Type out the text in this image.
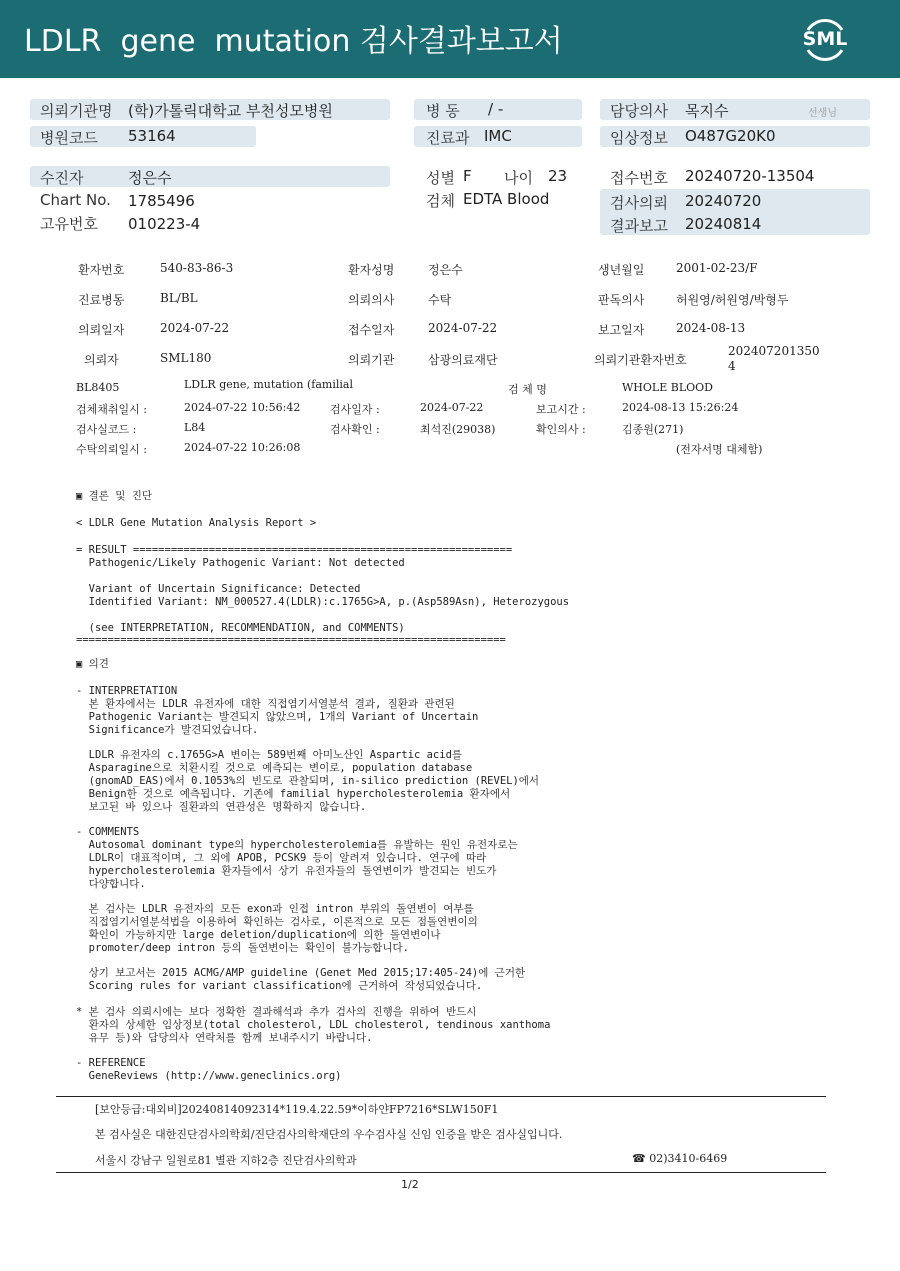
LDLR  gene  mutation 검사결과보고서	SML
의뢰기관명 (학)가톨릭대학교 부천성모병원
병원코드 53164
병 동 / -
진료과 IMC
담당의사 목지수	선생님
임상정보 O487G20K0
수진자	정은수
Chart No. 1785496
고유번호 010223-4
성별 F 나이 23
검체 EDTA Blood
접수번호 20240720-13504
검사의뢰 20240720
결과보고 20240814
환자번호	540-83-86-3	환자성명	정은수	생년월일	2001-02-23/F
진료병동	BL/BL	의뢰의사	수탁	판독의사	허원영/허원영/박형두
의뢰일자	2024-07-22	접수일자	2024-07-22	보고일자	2024-08-13
의뢰자	SML180	의뢰기관	삼광의료재단	의뢰기관환자번호
202407201350
4
BL8405	LDLR gene, mutation (familial	검 체 명	WHOLE BLOOD
검체채취일시 :	2024-07-22 10:56:42	검사일자 :	2024-07-22	보고시간 :	2024-08-13 15:26:24
검사실코드 :	L84	검사확인 :	최석진(29038)	확인의사 :	김종원(271)
수탁의뢰일시 :	2024-07-22 10:26:08	(전자서명 대체함)
▣ 결론 및 진단
< LDLR Gene Mutation Analysis Report >
= RESULT ============================================================
Pathogenic/Likely Pathogenic Variant: Not detected
Variant of Uncertain Significance: Detected
Identified Variant: NM_000527.4(LDLR):c.1765G>A, p.(Asp589Asn), Heterozygous
(see INTERPRETATION, RECOMMENDATION, and COMMENTS)
====================================================================
▣ 의견
- INTERPRETATION
본 환자에서는 LDLR 유전자에 대한 직접염기서열분석 결과, 질환과 관련된
Pathogenic Variant는 발견되지 않았으며, 1개의 Variant of Uncertain
Significance가 발견되었습니다.
LDLR 유전자의 c.1765G>A 변이는 589번째 아미노산인 Aspartic acid를
Asparagine으로 치환시킬 것으로 예측되는 변이로, population database
(gnomAD_EAS)에서 0.1053%의 빈도로 관찰되며, in-silico prediction (REVEL)에서
Benign한 것으로 예측됩니다. 기존에 familial hypercholesterolemia 환자에서
보고된 바 있으나 질환과의 연관성은 명확하지 않습니다.
- COMMENTS
Autosomal dominant type의 hypercholesterolemia를 유발하는 원인 유전자로는
LDLR이 대표적이며, 그 외에 APOB, PCSK9 등이 알려져 있습니다. 연구에 따라
hypercholesterolemia 환자들에서 상기 유전자들의 돌연변이가 발견되는 빈도가
다양합니다.
본 검사는 LDLR 유전자의 모든 exon과 인접 intron 부위의 돌연변이 여부를
직접염기서열분석법을 이용하여 확인하는 검사로, 이론적으로 모든 점돌연변이의
확인이 가능하지만 large deletion/duplication에 의한 돌연변이나
promoter/deep intron 등의 돌연변이는 확인이 불가능합니다.
상기 보고서는 2015 ACMG/AMP guideline (Genet Med 2015;17:405-24)에 근거한
Scoring rules for variant classification에 근거하여 작성되었습니다.
* 본 검사 의뢰시에는 보다 정확한 결과해석과 추가 검사의 진행을 위하여 반드시
환자의 상세한 임상정보(total cholesterol, LDL cholesterol, tendinous xanthoma
유무 등)와 담당의사 연락처를 함께 보내주시기 바랍니다.
- REFERENCE
GeneReviews (http://www.geneclinics.org)
[보안등급:대외비]20240814092314*119.4.22.59*이하얀FP7216*SLW150F1
본 검사실은 대한진단검사의학회/진단검사의학재단의 우수검사실 신임 인증을 받은 검사실입니다.
서울시 강남구 일원로81 별관 지하2층 진단검사의학과	☎ 02)3410-6469
1/2
